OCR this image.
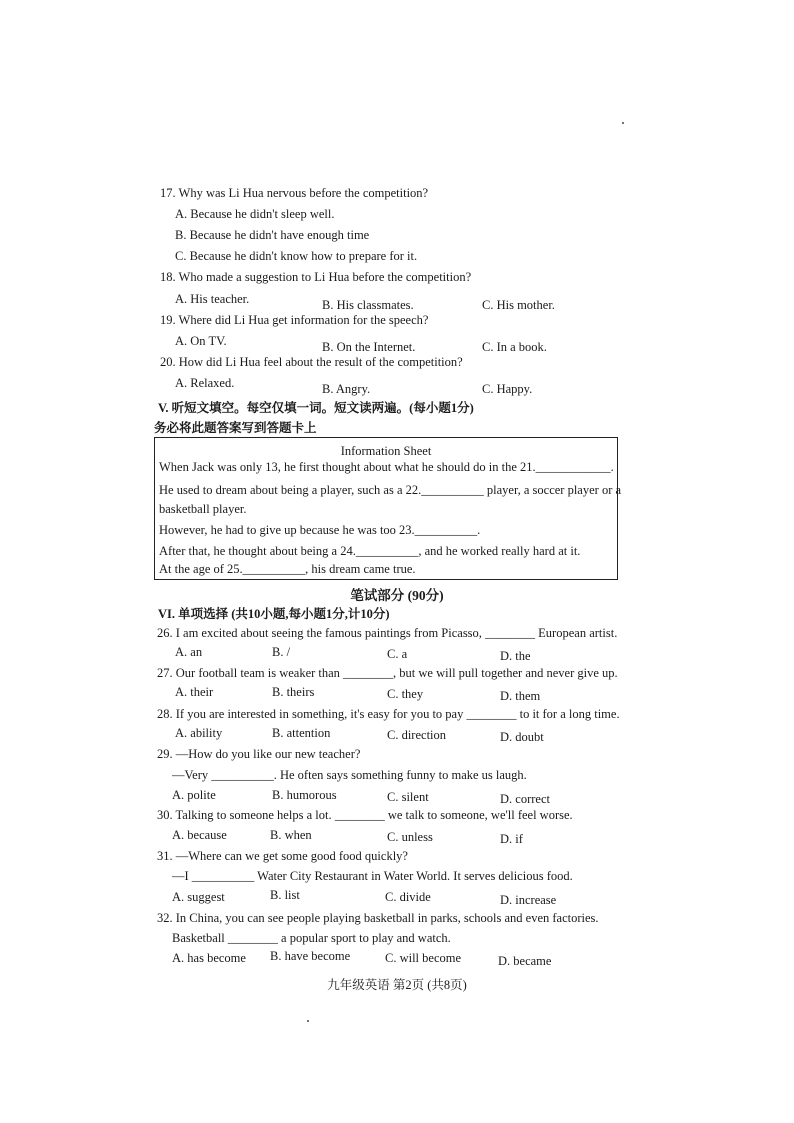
17. Why was Li Hua nervous before the competition?
A. Because he didn't sleep well.
B. Because he didn't have enough time
C. Because he didn't know how to prepare for it.
18. Who made a suggestion to Li Hua before the competition?
A. His teacher.	B. His classmates.	C. His mother.
19. Where did Li Hua get information for the speech?
A. On TV.	B. On the Internet.	C. In a book.
20. How did Li Hua feel about the result of the competition?
A. Relaxed.	B. Angry.	C. Happy.
V. 听短文填空。每空仅填一词。短文读两遍。(每小题1分)
务必将此题答案写到答题卡上
Information Sheet
When Jack was only 13, he first thought about what he should do in the 21.____________.
He used to dream about being a player, such as a 22.__________ player, a soccer player or a
basketball player.
However, he had to give up because he was too 23.__________.
After that, he thought about being a 24.__________, and he worked really hard at it.
At the age of 25.__________, his dream came true.
笔试部分 (90分)
VI. 单项选择 (共10小题,每小题1分,计10分)
26. I am excited about seeing the famous paintings from Picasso, ________ European artist.
A. an	B. /	C. a	D. the
27. Our football team is weaker than ________, but we will pull together and never give up.
A. their	B. theirs	C. they	D. them
28. If you are interested in something, it's easy for you to pay ________ to it for a long time.
A. ability	B. attention	C. direction	D. doubt
29. —How do you like our new teacher?
—Very __________. He often says something funny to make us laugh.
A. polite	B. humorous	C. silent	D. correct
30. Talking to someone helps a lot. ________ we talk to someone, we'll feel worse.
A. because	B. when	C. unless	D. if
31. —Where can we get some good food quickly?
—I __________ Water City Restaurant in Water World. It serves delicious food.
A. suggest	B. list	C. divide	D. increase
32. In China, you can see people playing basketball in parks, schools and even factories.
Basketball ________ a popular sport to play and watch.
A. has become B. have become	C. will become	D. became
九年级英语 第2页 (共8页)
